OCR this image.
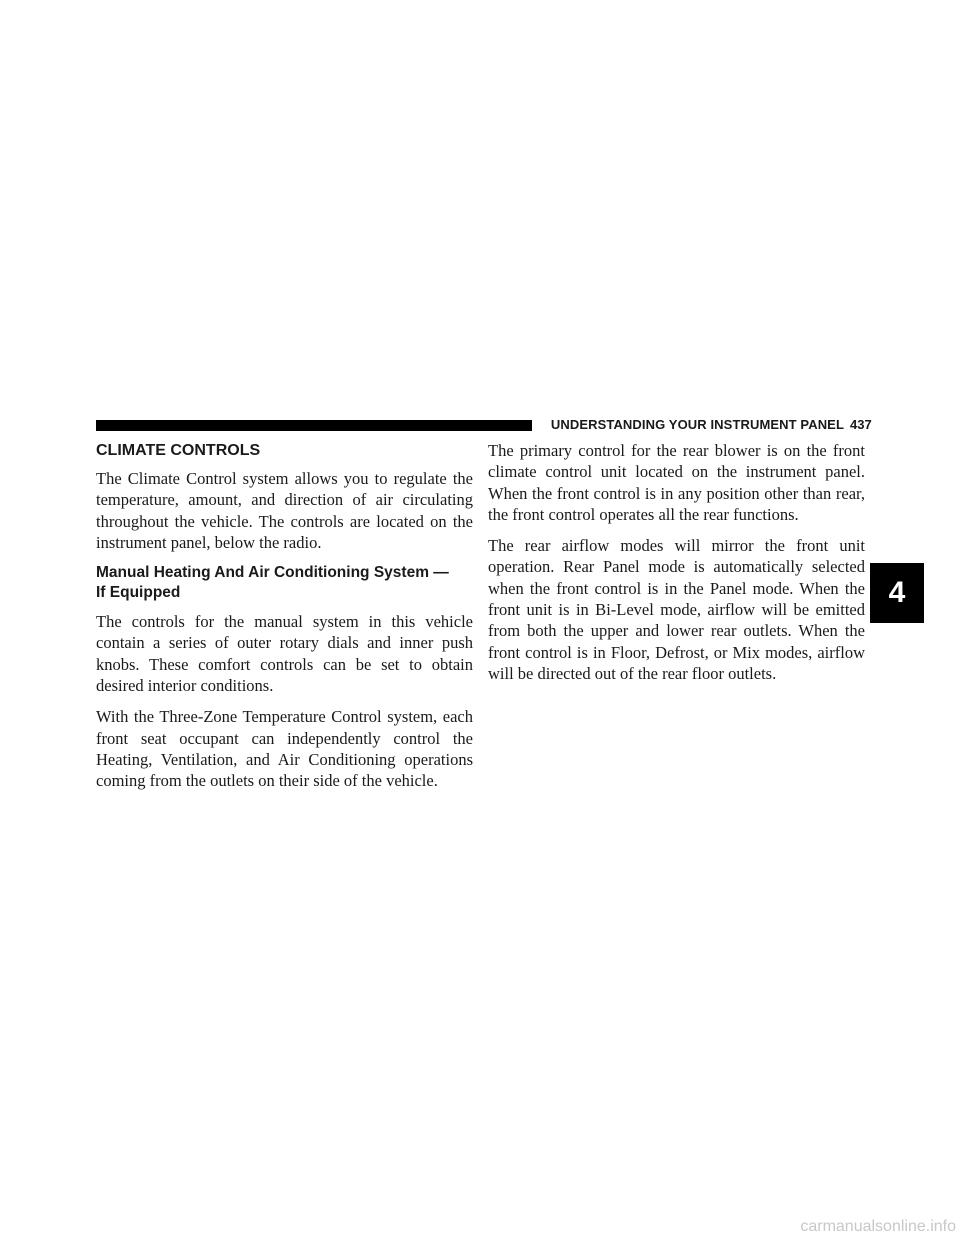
UNDERSTANDING YOUR INSTRUMENT PANEL 437
CLIMATE CONTROLS

The Climate Control system allows you to regulate the temperature, amount, and direction of air circulating throughout the vehicle. The controls are located on the instrument panel, below the radio.

Manual Heating And Air Conditioning System —
If Equipped

The controls for the manual system in this vehicle contain a series of outer rotary dials and inner push knobs. These comfort controls can be set to obtain desired interior conditions.

With the Three-Zone Temperature Control system, each front seat occupant can independently control the Heating, Ventilation, and Air Conditioning operations coming from the outlets on their side of the vehicle.

The primary control for the rear blower is on the front climate control unit located on the instrument panel. When the front control is in any position other than rear, the front control operates all the rear functions.

The rear airflow modes will mirror the front unit operation. Rear Panel mode is automatically selected when the front control is in the Panel mode. When the front unit is in Bi-Level mode, airflow will be emitted from both the upper and lower rear outlets. When the front control is in Floor, Defrost, or Mix modes, airflow will be directed out of the rear floor outlets.

4
carmanualsonline.info
